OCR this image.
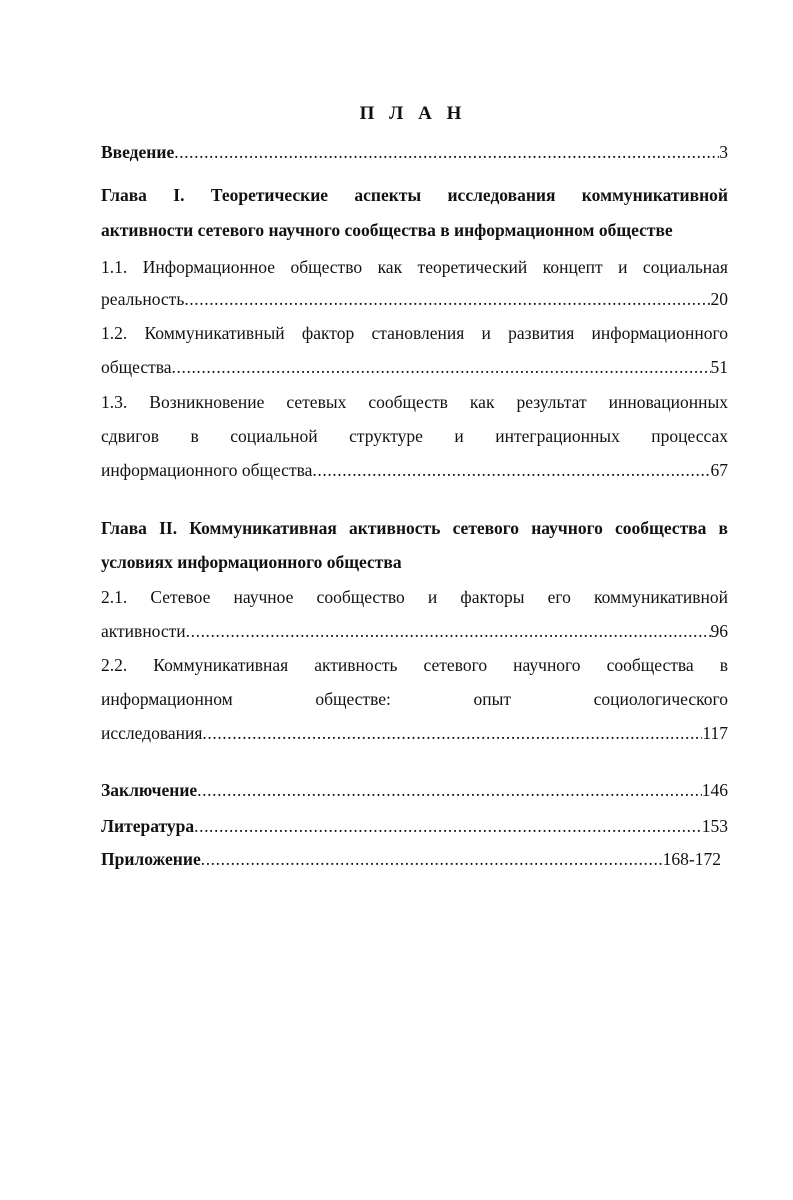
П Л А Н
Введение .....	3
Глава I. Теоретические аспекты исследования коммуникативной
активности сетевого научного сообщества в информационном обществе
1.1. Информационное общество как теоретический концепт и социальная
реальность .....	20
1.2. Коммуникативный фактор становления и развития информационного
общества .....	51
1.3. Возникновение сетевых сообществ как результат инновационных
сдвигов в социальной структуре и интеграционных процессах
информационного общества .....	67
Глава II. Коммуникативная активность сетевого научного сообщества в
условиях информационного общества
2.1. Сетевое научное сообщество и факторы его коммуникативной
активности .....	96
2.2. Коммуникативная активность сетевого научного сообщества в
информационном обществе: опыт социологического
исследования .....	117
Заключение .....	146
Литература .....	153
Приложение .....	168-172
